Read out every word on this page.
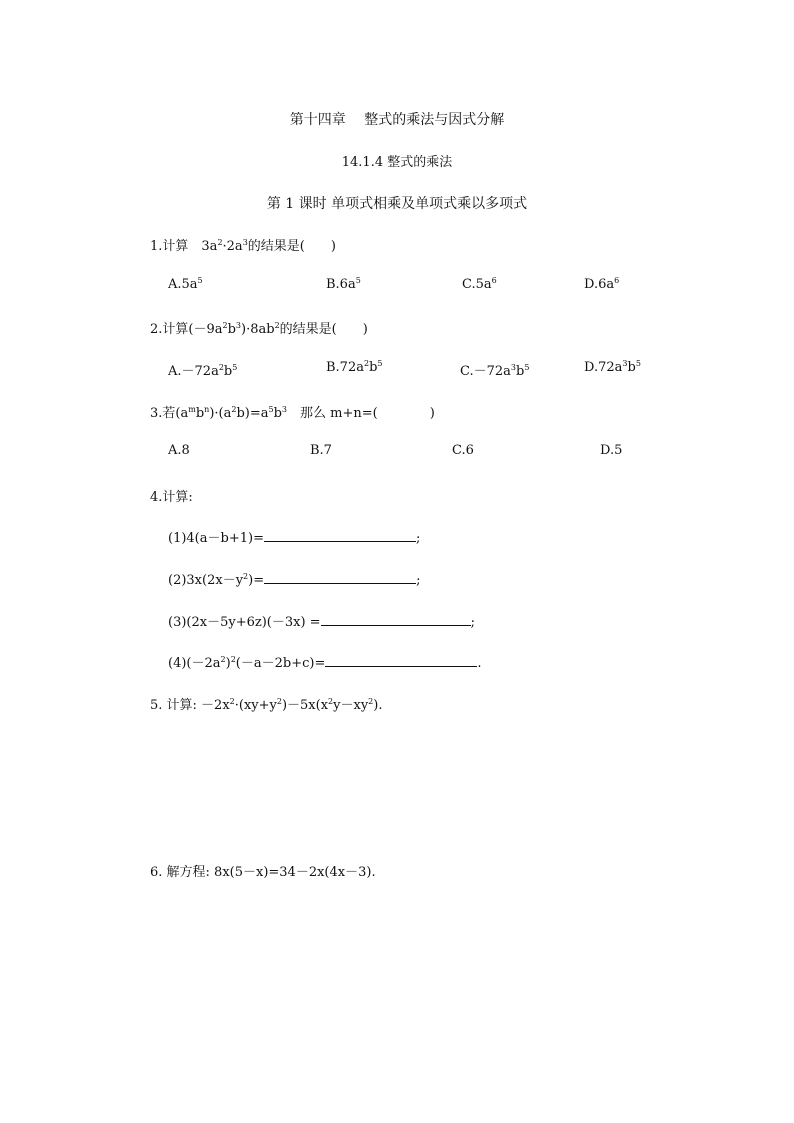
第十四章　 整式的乘法与因式分解
14.1.4 整式的乘法
第 1 课时 单项式相乘及单项式乘以多项式
1.计算　$3a^2\cdot 2a^3$的结果是(　　)
$A.5a^5$	$B.6a^5$	$C.5a^6$	$D.6a^6$
2.计算$(-9a^2b^3)\cdot 8ab^2$的结果是(　　)
$A.-72a^2b^5$	$B.72a^2b^5$
$C.-72a^3b^5$	$D.72a^3b^5$
3.若$(a^mb^n)\cdot(a^2b)=a^5b^3$　那么 m+n=(　　　　)
A.8	B.7	C.6	D.5
4.计算:
(1)4(a－b+1)=	;
$(2)3x(2x-y^2)=$	;
(3)(2x－5y+6z)(－3x) =	;
$(4)(-2a^2)^2(-a-2b+c)=$	.
5. 计算: $-2x^2\cdot(xy+y^2)-5x(x^2y-xy^2)$.
6. 解方程: 8x(5－x)=34－2x(4x－3).
